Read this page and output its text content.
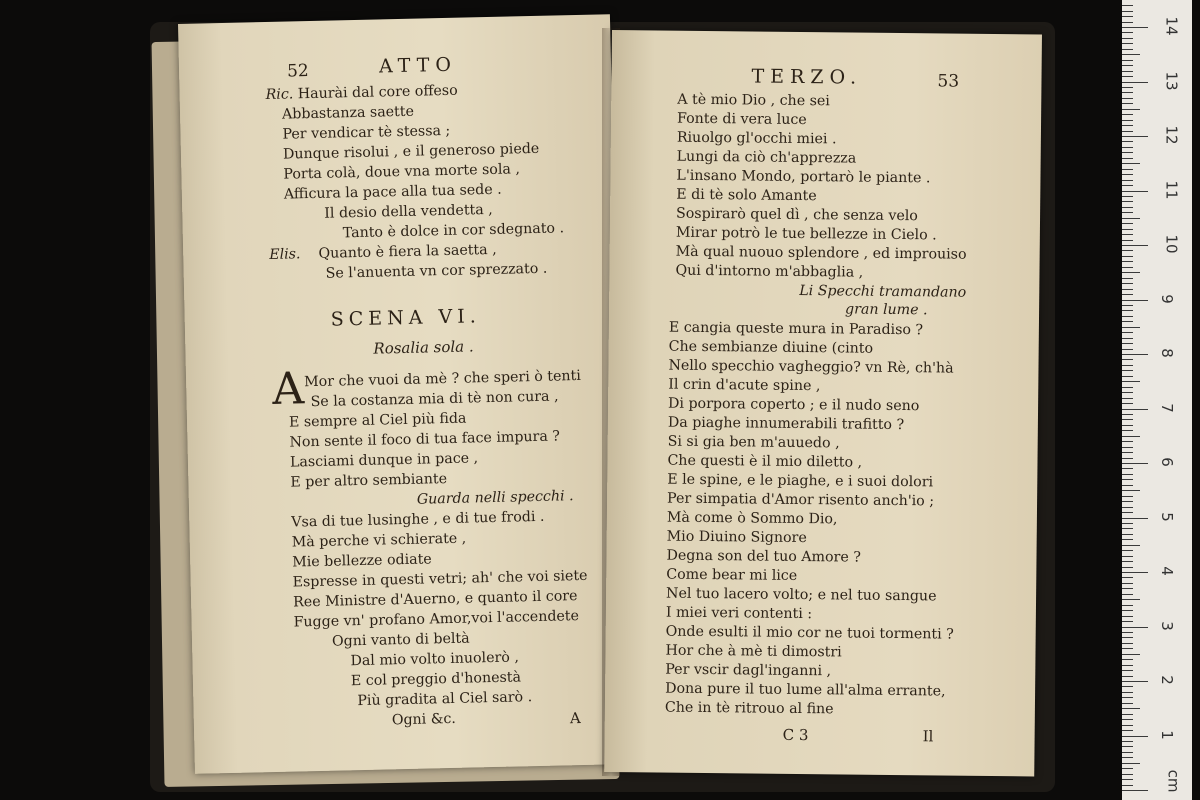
52	ATTO
Ric. Haurài dal core offeso
Abbastanza saette
Per vendicar tè stessa ;
Dunque risolui , e il generoso piede
Porta colà, doue vna morte sola ,
Afficura la pace alla tua sede .
Il desio della vendetta ,
Tanto è dolce in cor sdegnato .
Elis. Quanto è fiera la saetta ,
Se l'anuenta vn cor sprezzato .
SCENA VI.
Rosalia sola .
A Mor che vuoi da mè ? che speri ò tenti
Se la costanza mia di tè non cura ,
E sempre al Ciel più fida
Non sente il foco di tua face impura ?
Lasciami dunque in pace ,
E per altro sembiante
Guarda nelli specchi .
Vsa di tue lusinghe , e di tue frodi .
Mà perche vi schierate ,
Mie bellezze odiate
Espresse in questi vetri; ah' che voi siete
Ree Ministre d'Auerno, e quanto il core
Fugge vn' profano Amor,voi l'accendete
Ogni vanto di beltà
Dal mio volto inuolerò ,
E col preggio d'honestà
Più gradita al Ciel sarò .
Ogni &c.	A
TERZO.	53
A tè mio Dio , che sei
Fonte di vera luce
Riuolgo gl'occhi miei .
Lungi da ciò ch'apprezza
L'insano Mondo, portarò le piante .
E di tè solo Amante
Sospirarò quel dì , che senza velo
Mirar potrò le tue bellezze in Cielo .
Mà qual nuouo splendore , ed improuiso
Qui d'intorno m'abbaglia ,
Li Specchi tramandano
gran lume .
E cangia queste mura in Paradiso ?
Che sembianze diuine (cinto
Nello specchio vagheggio? vn Rè, ch'hà
Il crin d'acute spine ,
Di porpora coperto ; e il nudo seno
Da piaghe innumerabili trafitto ?
Si si gia ben m'auuedo ,
Che questi è il mio diletto ,
E le spine, e le piaghe, e i suoi dolori
Per simpatia d'Amor risento anch'io ;
Mà come ò Sommo Dio,
Mio Diuino Signore
Degna son del tuo Amore ?
Come bear mi lice
Nel tuo lacero volto; e nel tuo sangue
I miei veri contenti :
Onde esulti il mio cor ne tuoi tormenti ?
Hor che à mè ti dimostri
Per vscir dagl'inganni ,
Dona pure il tuo lume all'alma errante,
Che in tè ritrouo al fine
C 3	Il
cm
1
2
3
4
5
6
7
8
9
10
11
12
13
14
